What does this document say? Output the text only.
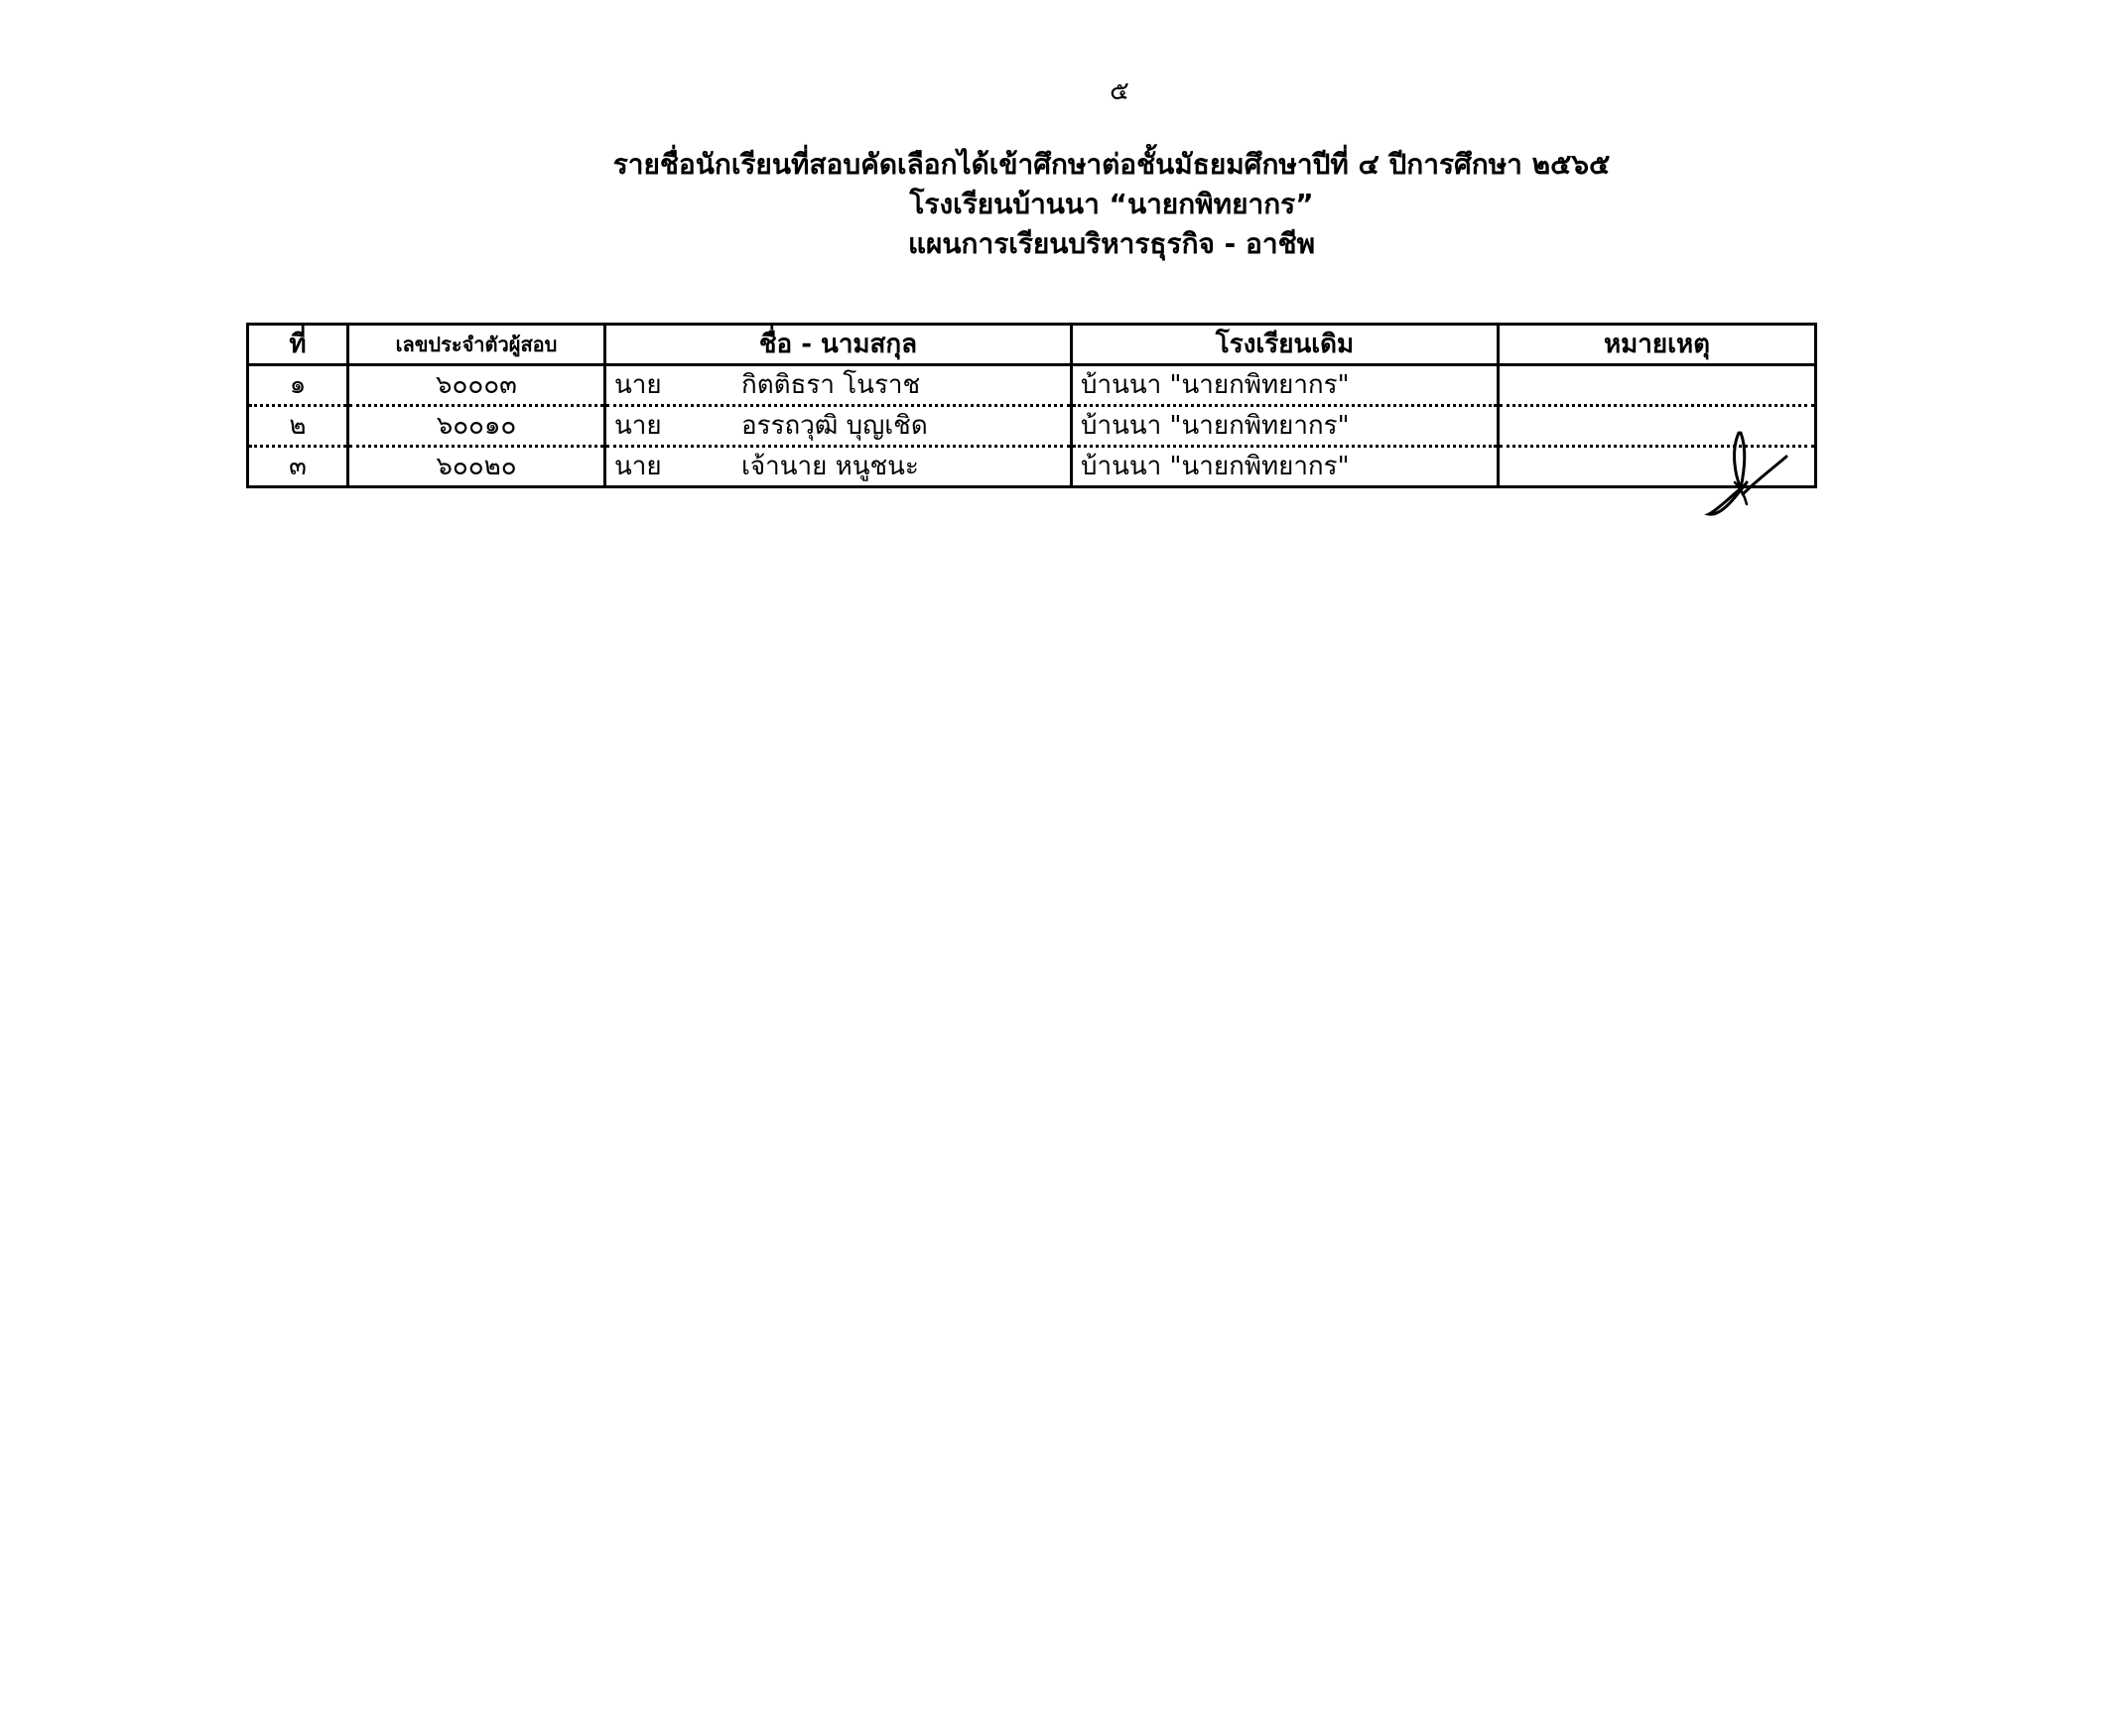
๕
รายชื่อนักเรียนที่สอบคัดเลือกได้เข้าศึกษาต่อชั้นมัธยมศึกษาปีที่ ๔ ปีการศึกษา ๒๕๖๕
โรงเรียนบ้านนา “นายกพิทยากร”
แผนการเรียนบริหารธุรกิจ - อาชีพ
ที่	เลขประจำตัวผู้สอบ	ชื่อ - นามสกุล	โรงเรียนเดิม	หมายเหตุ
๑	๖๐๐๐๓	นาย กิตติธรา โนราช	บ้านนา "นายกพิทยากร"	
๒	๖๐๐๑๐	นาย อรรถวุฒิ บุญเชิด	บ้านนา "นายกพิทยากร"	
๓	๖๐๐๒๐	นาย เจ้านาย หนูชนะ	บ้านนา "นายกพิทยากร"	
